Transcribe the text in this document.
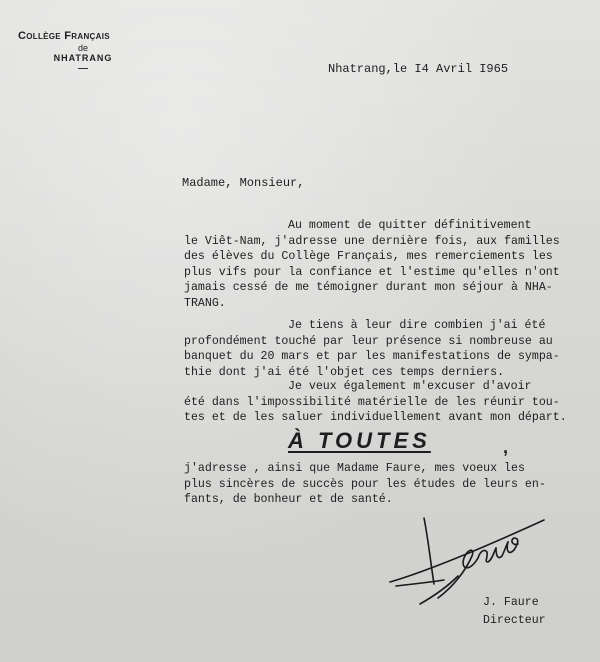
Collège Français
de
NHATRANG
Nhatrang,le I4 Avril I965
Madame, Monsieur,
Au moment de quitter définitivement
le Viêt-Nam, j'adresse une dernière fois, aux familles
des élèves du Collège Français, mes remerciements les
plus vifs pour la confiance et l'estime qu'elles n'ont
jamais cessé de me témoigner durant mon séjour à NHA-
TRANG.
Je tiens à leur dire combien j'ai été
profondément touché par leur présence si nombreuse au
banquet du 20 mars et par les manifestations de sympa-
thie dont j'ai été l'objet ces temps derniers.
Je veux également m'excuser d'avoir
été dans l'impossibilité matérielle de les réunir tou-
tes et de les saluer individuellement avant mon départ.
À TOUTES	,
j'adresse , ainsi que Madame Faure, mes voeux les
plus sincères de succès pour les études de leurs en-
fants, de bonheur et de santé.
J. Faure
Directeur
